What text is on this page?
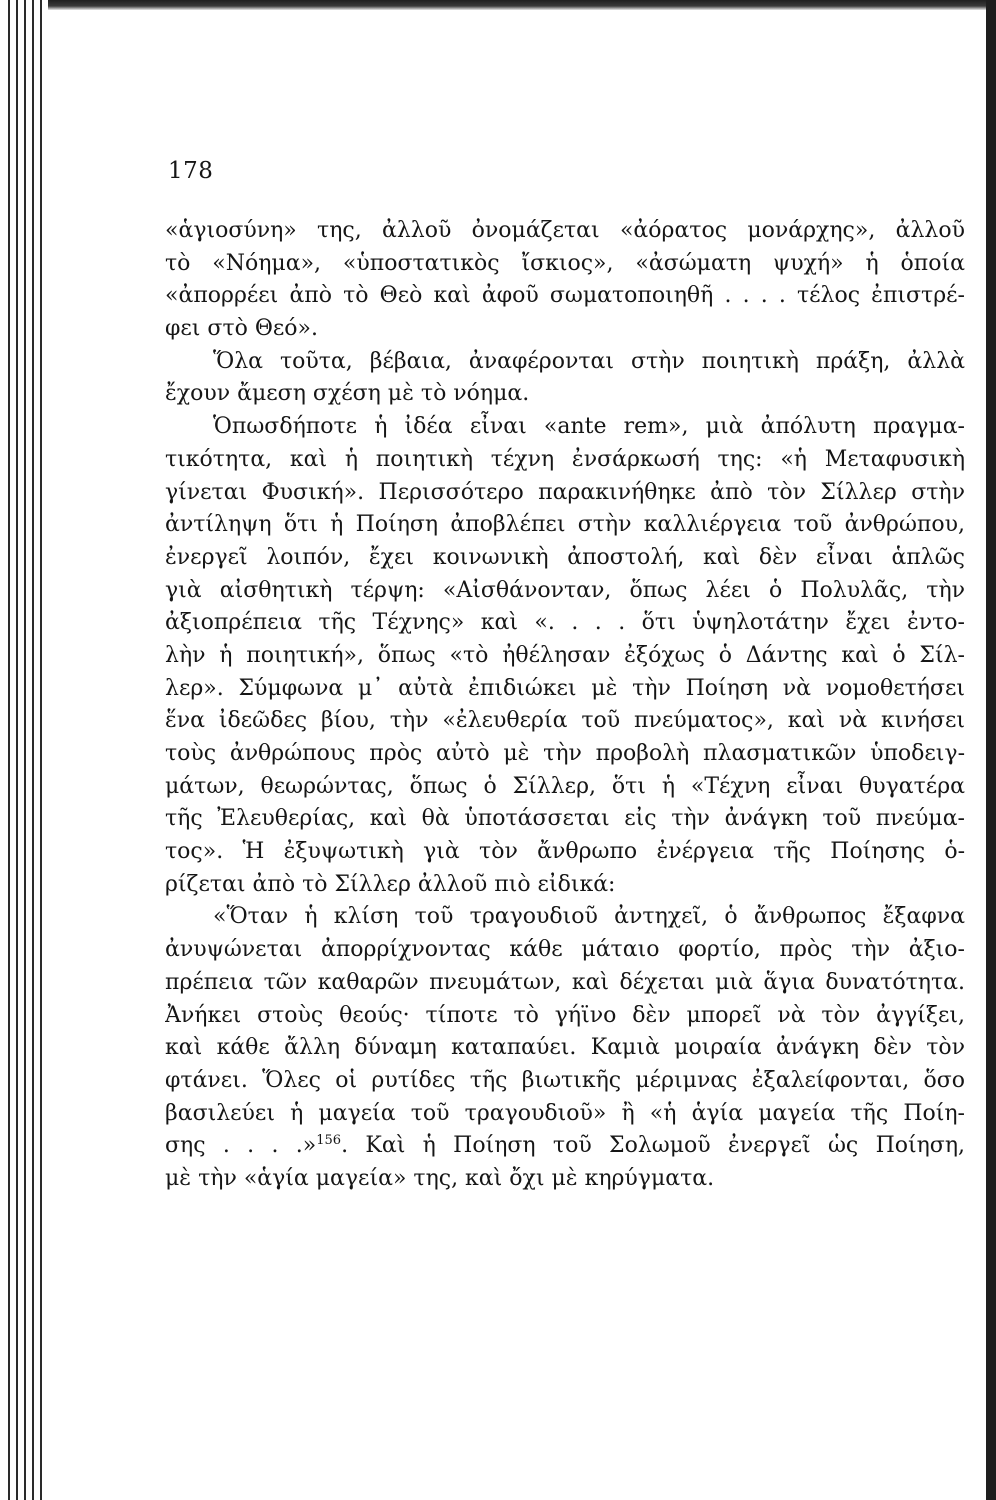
178
«ἁγιοσύνη» της, ἀλλοῦ ὀνομάζεται «ἀόρατος μονάρχης», ἀλλοῦ
τὸ «Νόημα», «ὑποστατικὸς ἴσκιος», «ἀσώματη ψυχή» ἡ ὁποία
«ἀπορρέει ἀπὸ τὸ Θεὸ καὶ ἀφοῦ σωματοποιηθῆ . . . . τέλος ἐπιστρέ-
φει στὸ Θεό».
Ὅλα τοῦτα, βέβαια, ἀναφέρονται στὴν ποιητικὴ πράξη, ἀλλὰ
ἔχουν ἄμεση σχέση μὲ τὸ νόημα.
Ὁπωσδήποτε ἡ ἰδέα εἶναι «ante rem», μιὰ ἀπόλυτη πραγμα-
τικότητα, καὶ ἡ ποιητικὴ τέχνη ἐνσάρκωσή της: «ἡ Μεταφυσικὴ
γίνεται Φυσική». Περισσότερο παρακινήθηκε ἀπὸ τὸν Σίλλερ στὴν
ἀντίληψη ὅτι ἡ Ποίηση ἀποβλέπει στὴν καλλιέργεια τοῦ ἀνθρώπου,
ἐνεργεῖ λοιπόν, ἔχει κοινωνικὴ ἀποστολή, καὶ δὲν εἶναι ἁπλῶς
γιὰ αἰσθητικὴ τέρψη: «Αἰσθάνονταν, ὅπως λέει ὁ Πολυλᾶς, τὴν
ἀξιοπρέπεια τῆς Τέχνης» καὶ «. . . . ὅτι ὑψηλοτάτην ἔχει ἐντο-
λὴν ἡ ποιητική», ὅπως «τὸ ἠθέλησαν ἐξόχως ὁ Δάντης καὶ ὁ Σίλ-
λερ». Σύμφωνα μ᾽ αὐτὰ ἐπιδιώκει μὲ τὴν Ποίηση νὰ νομοθετήσει
ἕνα ἰδεῶδες βίου, τὴν «ἐλευθερία τοῦ πνεύματος», καὶ νὰ κινήσει
τοὺς ἀνθρώπους πρὸς αὐτὸ μὲ τὴν προβολὴ πλασματικῶν ὑποδειγ-
μάτων, θεωρώντας, ὅπως ὁ Σίλλερ, ὅτι ἡ «Τέχνη εἶναι θυγατέρα
τῆς Ἐλευθερίας, καὶ θὰ ὑποτάσσεται εἰς τὴν ἀνάγκη τοῦ πνεύμα-
τος». Ἡ ἐξυψωτικὴ γιὰ τὸν ἄνθρωπο ἐνέργεια τῆς Ποίησης ὁ-
ρίζεται ἀπὸ τὸ Σίλλερ ἀλλοῦ πιὸ εἰδικά:
«Ὅταν ἡ κλίση τοῦ τραγουδιοῦ ἀντηχεῖ, ὁ ἄνθρωπος ἔξαφνα
ἀνυψώνεται ἀπορρίχνοντας κάθε μάταιο φορτίο, πρὸς τὴν ἀξιο-
πρέπεια τῶν καθαρῶν πνευμάτων, καὶ δέχεται μιὰ ἅγια δυνατότητα.
Ἀνήκει στοὺς θεούς· τίποτε τὸ γήϊνο δὲν μπορεῖ νὰ τὸν ἀγγίξει,
καὶ κάθε ἄλλη δύναμη καταπαύει. Καμιὰ μοιραία ἀνάγκη δὲν τὸν
φτάνει. Ὅλες οἱ ρυτίδες τῆς βιωτικῆς μέριμνας ἐξαλείφονται, ὅσο
βασιλεύει ἡ μαγεία τοῦ τραγουδιοῦ» ἢ «ἡ ἁγία μαγεία τῆς Ποίη-
σης . . . .»$^{156}$. Καὶ ἡ Ποίηση τοῦ Σολωμοῦ ἐνεργεῖ ὡς Ποίηση,
μὲ τὴν «ἁγία μαγεία» της, καὶ ὄχι μὲ κηρύγματα.
